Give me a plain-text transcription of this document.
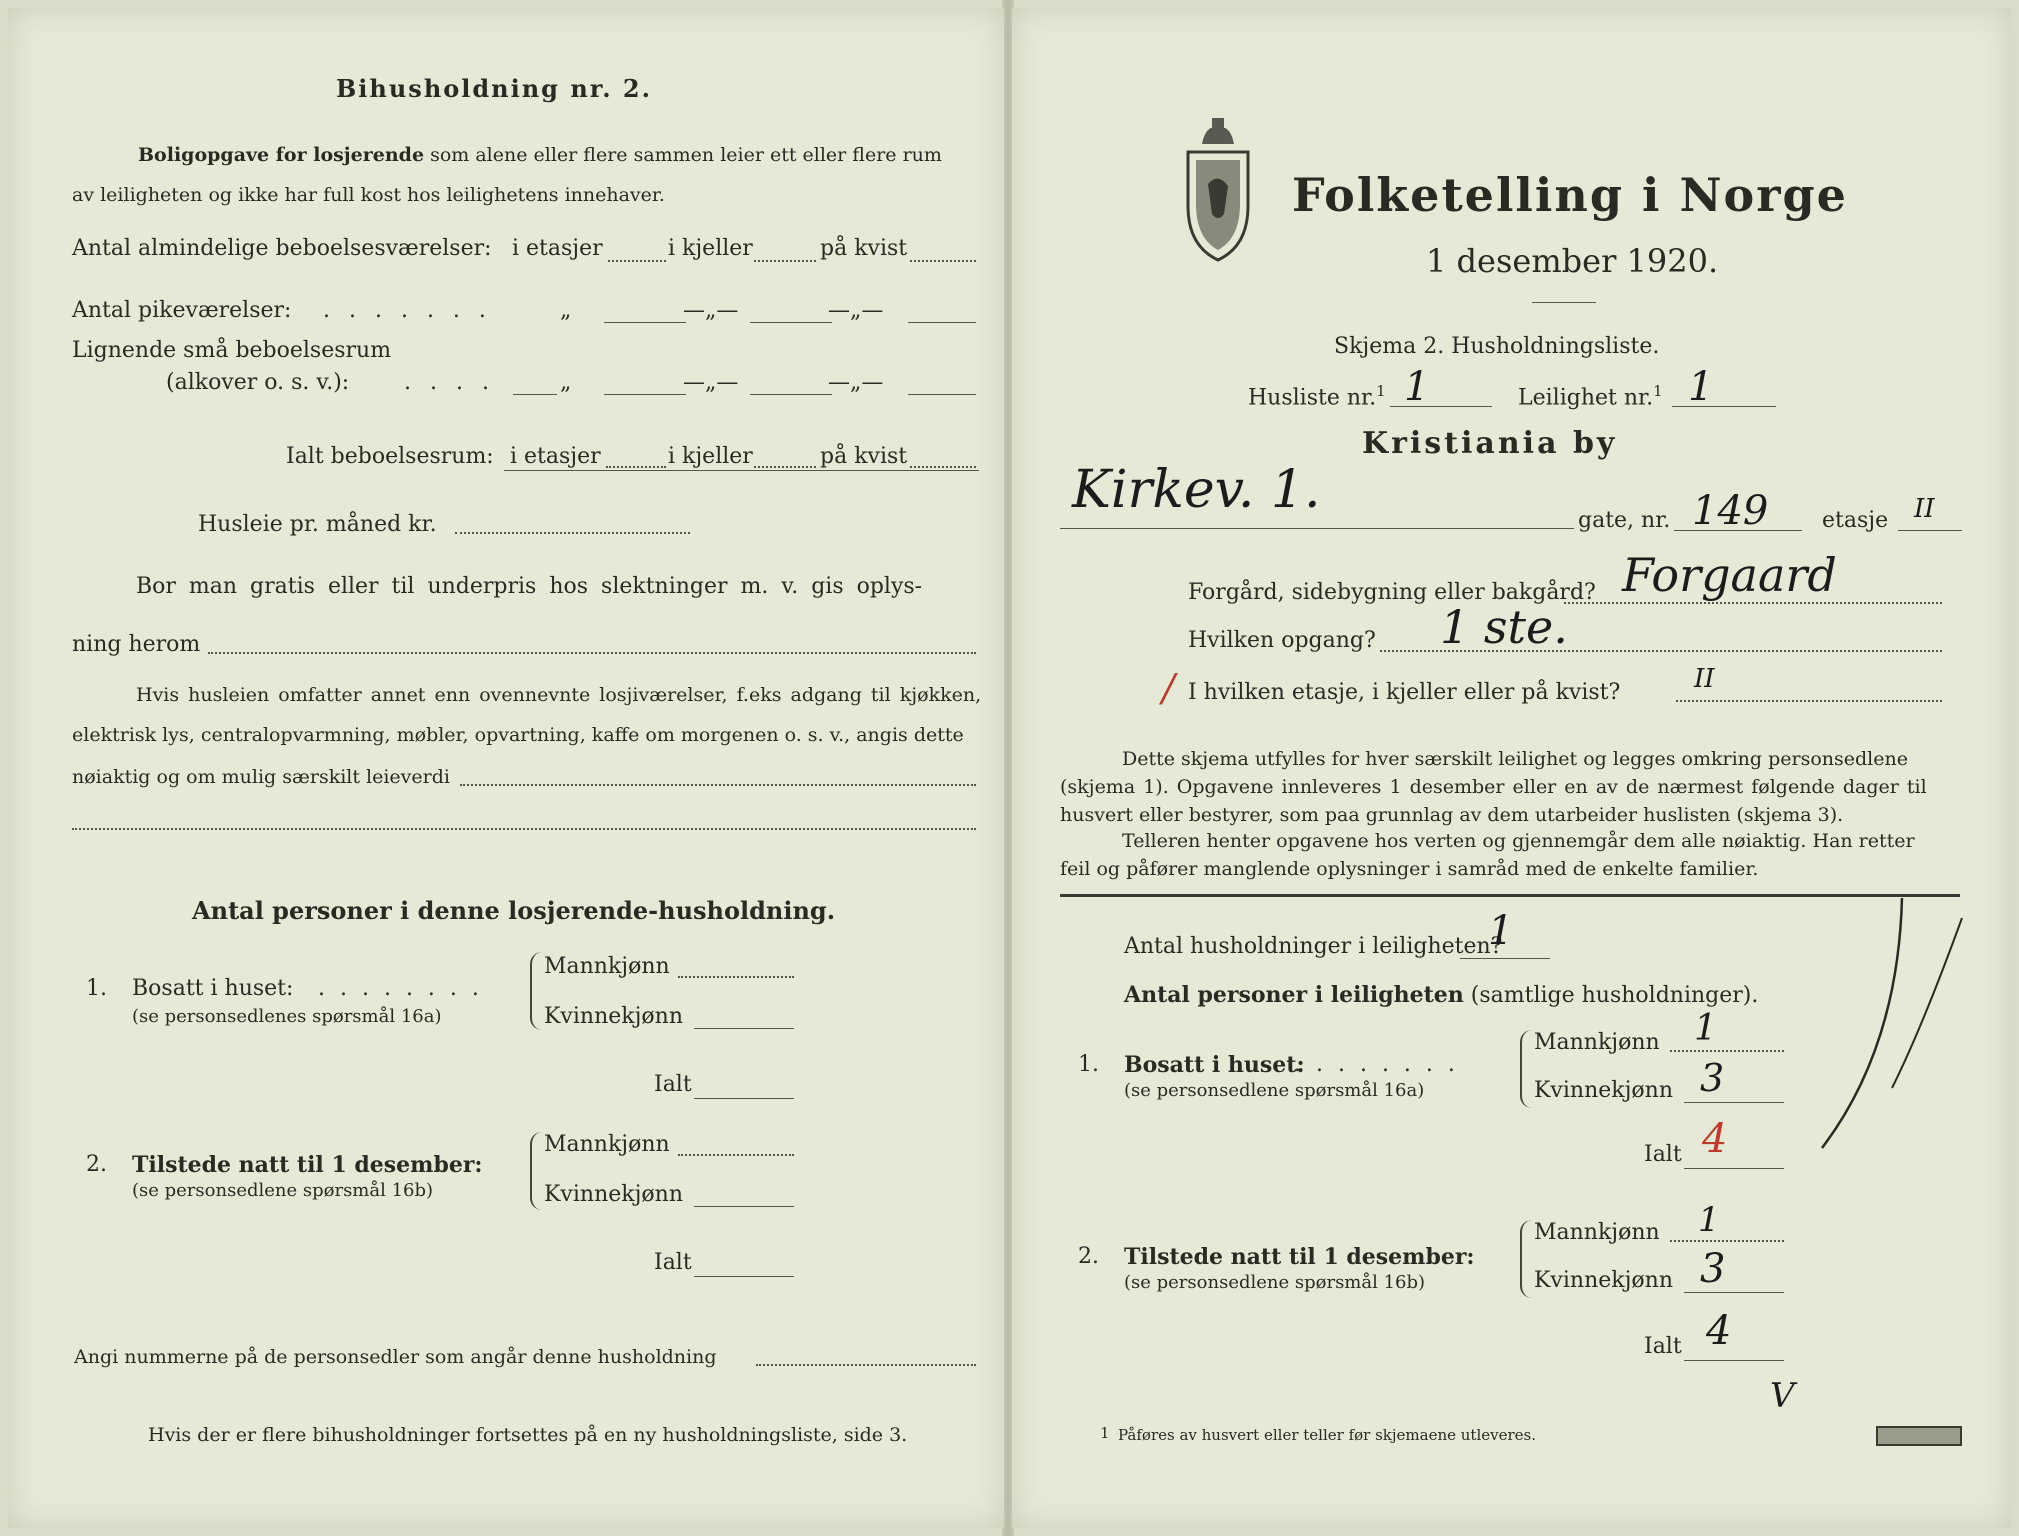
Bihusholdning nr. 2.
Boligopgave for losjerende som alene eller flere sammen leier ett eller flere rum
av leiligheten og ikke har full kost hos leilighetens innehaver.
Antal almindelige beboelsesværelser: i etasjer	i kjeller	på kvist
Antal pikeværelser: . . . . . . .	„	—„—	—„—
Lignende små beboelsesrum
(alkover o. s. v.): . . . .	„	—„—	—„—
Ialt beboelsesrum: i etasjer	i kjeller	på kvist
Husleie pr. måned kr.
Bor man gratis eller til underpris hos slektninger m. v. gis oplys-
ning herom
Hvis husleien omfatter annet enn ovennevnte losjiværelser, f.eks adgang til kjøkken,
elektrisk lys, centralopvarmning, møbler, opvartning, kaffe om morgenen o. s. v., angis dette
nøiaktig og om mulig særskilt leieverdi
Antal personer i denne losjerende-husholdning.
1. Bosatt i huset: . . . . . . . .
(se personsedlenes spørsmål 16a)
Mannkjønn
Kvinnekjønn
Ialt
2. Tilstede natt til 1 desember:
(se personsedlene spørsmål 16b)
Mannkjønn
Kvinnekjønn
Ialt
Angi nummerne på de personsedler som angår denne husholdning
Hvis der er flere bihusholdninger fortsettes på en ny husholdningsliste, side 3.
Folketelling i Norge
1 desember 1920.
Skjema 2. Husholdningsliste.
Husliste nr.$^1$ 1	Leilighet nr.$^1$ 1
Kristiania by
Kirkev. 1.
gate, nr. 149 etasje II
Forgård, sidebygning eller bakgård? Forgaard
Hvilken opgang? 1 ste.
/ I hvilken etasje, i kjeller eller på kvist?	II
Dette skjema utfylles for hver særskilt leilighet og legges omkring personsedlene
(skjema 1). Opgavene innleveres 1 desember eller en av de nærmest følgende dager til
husvert eller bestyrer, som paa grunnlag av dem utarbeider huslisten (skjema 3).
Telleren henter opgavene hos verten og gjennemgår dem alle nøiaktig. Han retter
feil og påfører manglende oplysninger i samråd med de enkelte familier.
Antal husholdninger i leiligheten?
1
Antal personer i leiligheten (samtlige husholdninger).
1. Bosatt i huset:
. . . . . . . .
(se personsedlene spørsmål 16a)
Mannkjønn 1
Kvinnekjønn 3
Ialt 4
2. Tilstede natt til 1 desember:
(se personsedlene spørsmål 16b)
Mannkjønn 1
Kvinnekjønn 3
Ialt 4
V
1 Påføres av husvert eller teller før skjemaene utleveres.
